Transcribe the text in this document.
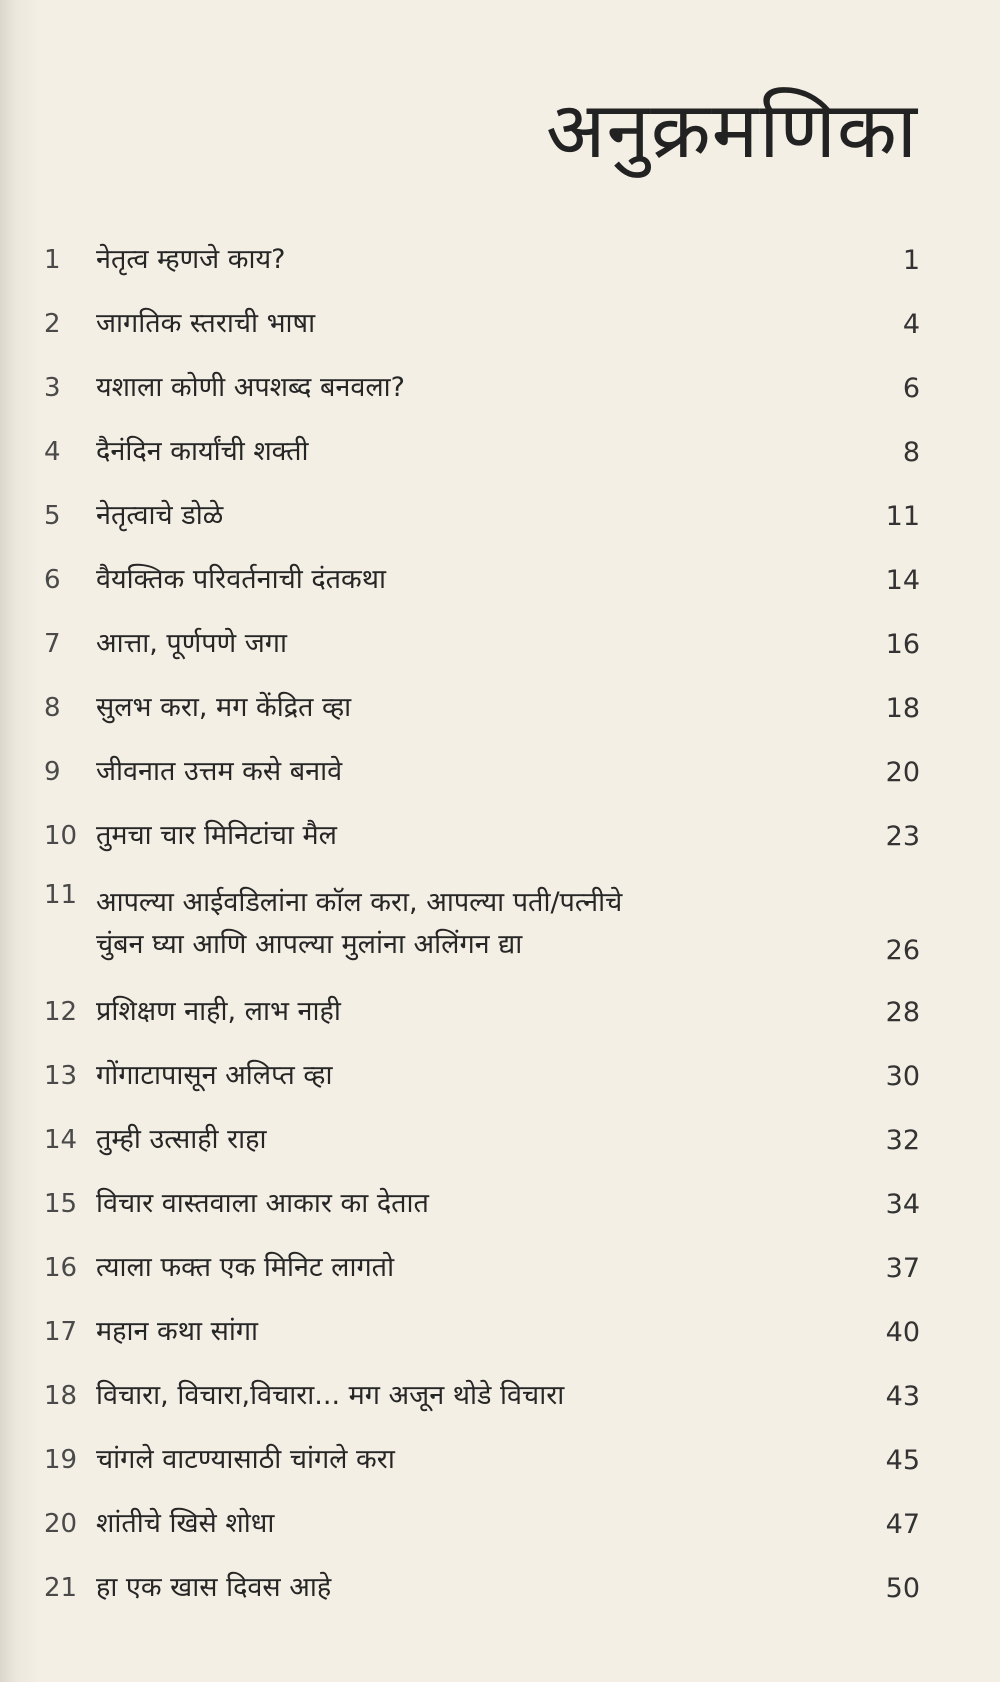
अनुक्रमणिका
1	नेतृत्व म्हणजे काय?	1
2	जागतिक स्तराची भाषा	4
3	यशाला कोणी अपशब्द बनवला?	6
4	दैनंदिन कार्यांची शक्ती	8
5	नेतृत्वाचे डोळे	11
6	वैयक्तिक परिवर्तनाची दंतकथा	14
7	आत्ता, पूर्णपणे जगा	16
8	सुलभ करा, मग केंद्रित व्हा	18
9	जीवनात उत्तम कसे बनावे	20
10 तुमचा चार मिनिटांचा मैल	23
11 आपल्या आईवडिलांना कॉल करा, आपल्या पती/पत्नीचे
चुंबन घ्या आणि आपल्या मुलांना अलिंगन द्या	26
12 प्रशिक्षण नाही, लाभ नाही	28
13 गोंगाटापासून अलिप्त व्हा	30
14 तुम्ही उत्साही राहा	32
15 विचार वास्तवाला आकार का देतात	34
16 त्याला फक्त एक मिनिट लागतो	37
17 महान कथा सांगा	40
18 विचारा, विचारा,विचारा... मग अजून थोडे विचारा	43
19 चांगले वाटण्यासाठी चांगले करा	45
20 शांतीचे खिसे शोधा	47
21 हा एक खास दिवस आहे	50
